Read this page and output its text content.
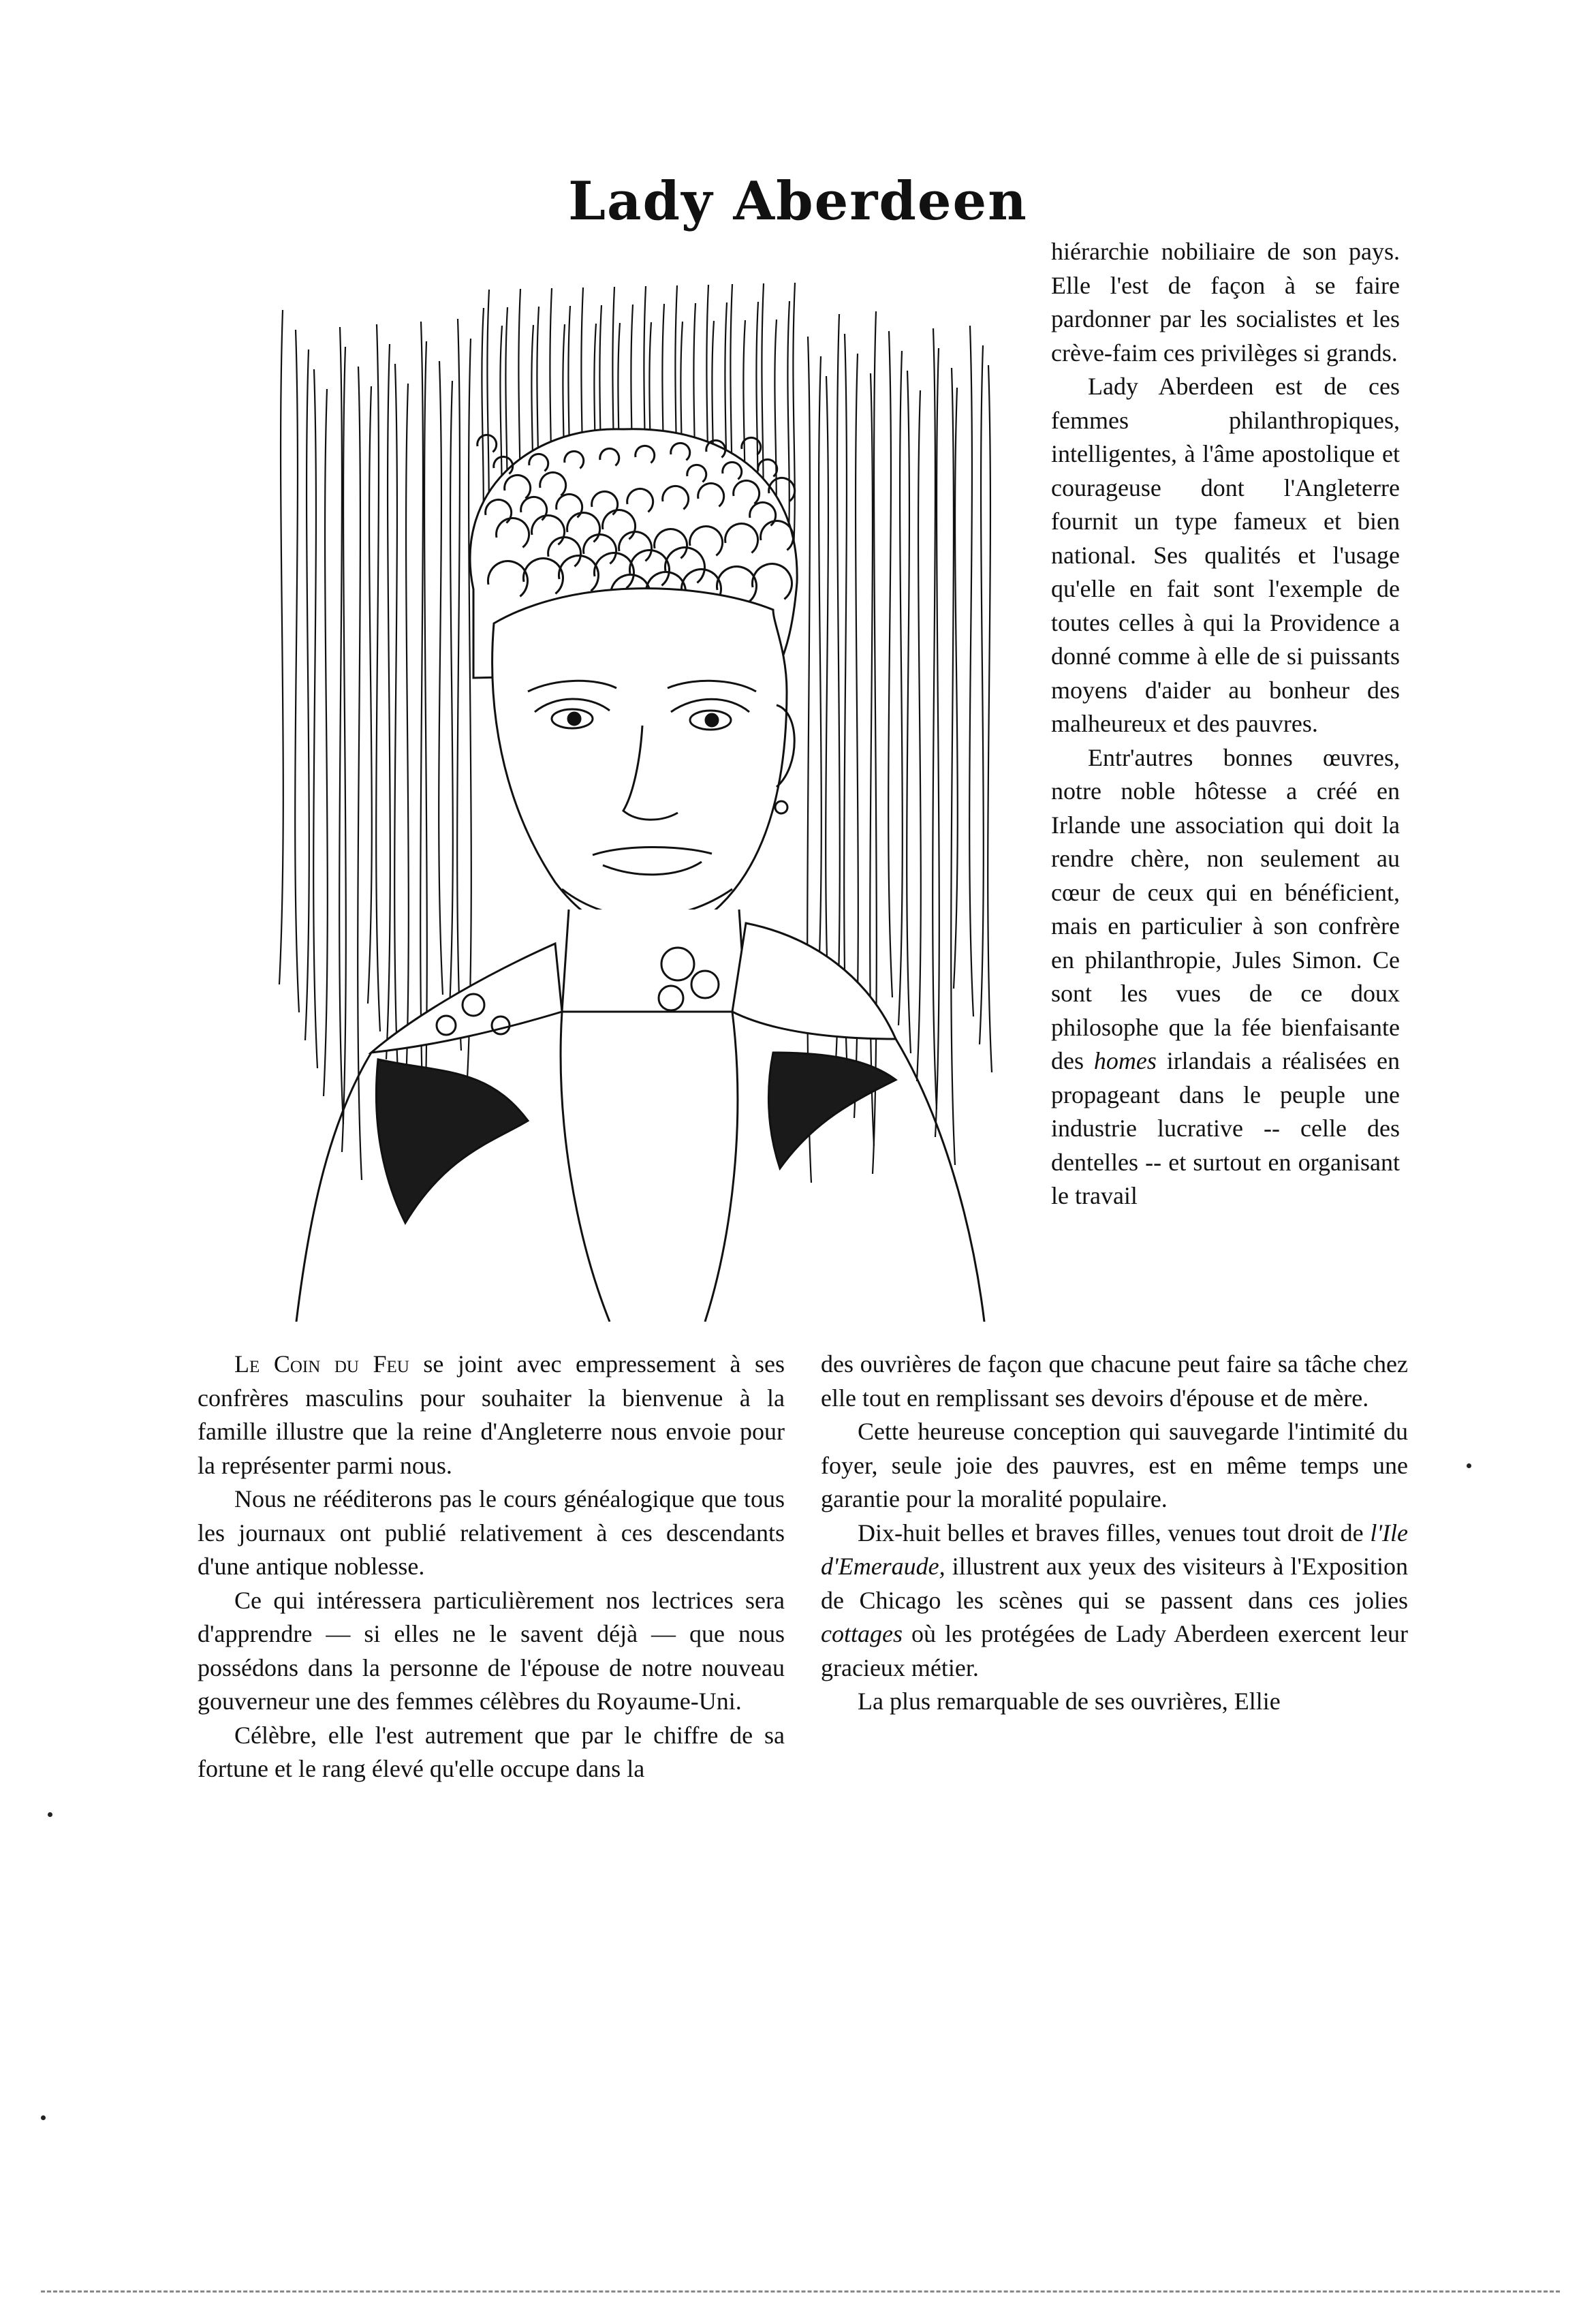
Lady Aberdeen

hiérarchie nobiliaire de son pays. Elle l'est de façon à se faire pardonner par les socialistes et les crève-faim ces privilèges si grands.

Lady Aberdeen est de ces femmes philanthropiques, intelligentes, à l'âme apostolique et courageuse dont l'Angleterre fournit un type fameux et bien national. Ses qualités et l'usage qu'elle en fait sont l'exemple de toutes celles à qui la Providence a donné comme à elle de si puissants moyens d'aider au bonheur des malheureux et des pauvres.

Entr'autres bonnes œuvres, notre noble hôtesse a créé en Irlande une association qui doit la rendre chère, non seulement au cœur de ceux qui en bénéficient, mais en particulier à son confrère en philanthropie, Jules Simon. Ce sont les vues de ce doux philosophe que la fée bienfaisante des homes irlandais a réalisées en propageant dans le peuple une industrie lucrative -- celle des dentelles -- et surtout en organisant le travail

Le Coin du Feu se joint avec empressement à ses confrères masculins pour souhaiter la bienvenue à la famille illustre que la reine d'Angleterre nous envoie pour la représenter parmi nous.

Nous ne rééditerons pas le cours généalogique que tous les journaux ont publié relativement à ces descendants d'une antique noblesse.

Ce qui intéressera particulièrement nos lectrices sera d'apprendre — si elles ne le savent déjà — que nous possédons dans la personne de l'épouse de notre nouveau gouverneur une des femmes célèbres du Royaume-Uni.

Célèbre, elle l'est autrement que par le chiffre de sa fortune et le rang élevé qu'elle occupe dans la

des ouvrières de façon que chacune peut faire sa tâche chez elle tout en remplissant ses devoirs d'épouse et de mère.

Cette heureuse conception qui sauvegarde l'intimité du foyer, seule joie des pauvres, est en même temps une garantie pour la moralité populaire.

Dix-huit belles et braves filles, venues tout droit de l'Ile d'Emeraude, illustrent aux yeux des visiteurs à l'Exposition de Chicago les scènes qui se passent dans ces jolies cottages où les protégées de Lady Aberdeen exercent leur gracieux métier.

La plus remarquable de ses ouvrières, Ellie
